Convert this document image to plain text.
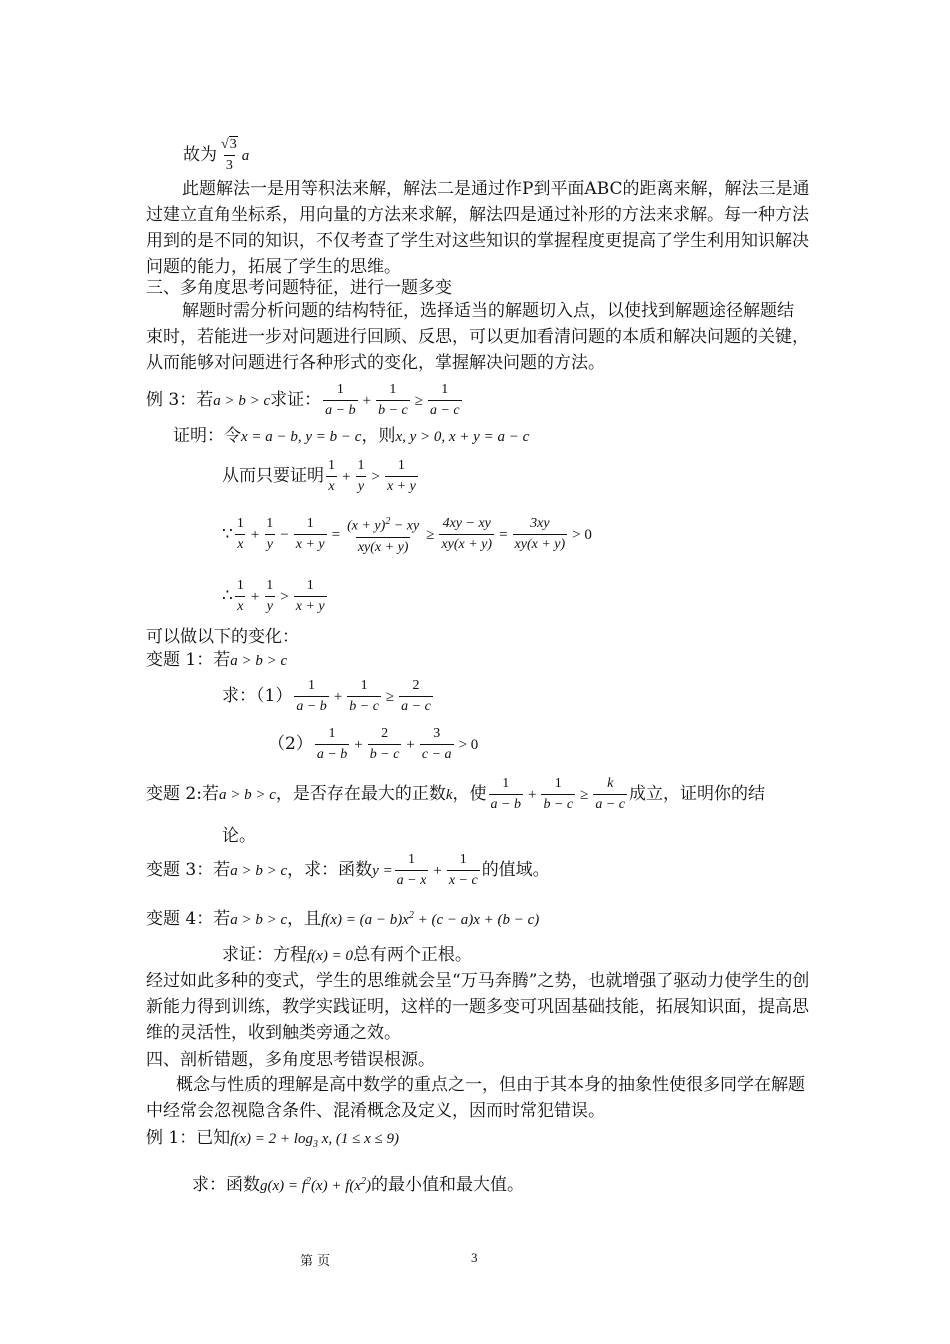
故为 $\frac{√3}{3}$ a
此题解法一是用等积法来解，解法二是通过作P到平面ABC的距离来解，解法三是通过建立直角坐标系，用向量的方法来求解，解法四是通过补形的方法来求解。每一种方法用到的是不同的知识，不仅考查了学生对这些知识的掌握程度更提高了学生利用知识解决问题的能力，拓展了学生的思维。
三、多角度思考问题特征，进行一题多变
解题时需分析问题的结构特征，选择适当的解题切入点，以使找到解题途径解题结束时，若能进一步对问题进行回顾、反思，可以更加看清问题的本质和解决问题的关键，从而能够对问题进行各种形式的变化，掌握解决问题的方法。
例 3：若a > b > c求证： $\frac{1}{a - b} + \frac{1}{b - c} \ge \frac{1}{a - c}$
证明：令x = a − b, y = b − c，则x, y > 0, x + y = a − c
从而只要证明 $\frac{1}{x} + \frac{1}{y} > \frac{1}{x + y}$
∵ $\frac{1}{x} + \frac{1}{y} - \frac{1}{x + y} = \frac{(x + y)^2 - xy}{xy(x + y)} \ge \frac{4xy - xy}{xy(x + y)} = \frac{3xy}{xy(x + y)} > 0$
∴ $\frac{1}{x} + \frac{1}{y} > \frac{1}{x + y}$
可以做以下的变化：
变题 1：若a > b > c
求：$(1) \frac{1}{a - b} + \frac{1}{b - c} \ge \frac{2}{a - c}$
$(2) \frac{1}{a - b} + \frac{2}{b - c} + \frac{3}{c - a} > 0$
变题 2:若a > b > c，是否存在最大的正数k，使 $\frac{1}{a - b} + \frac{1}{b - c} \ge \frac{k}{a - c}$ 成立，证明你的结
论。
变题 3：若a > b > c，求：函数$y = \frac{1}{a - x} + \frac{1}{x - c}$ 的值域。
变题 4：若a > b > c，且$f(x) = (a - b)x^2 + (c - a)x + (b - c)$
求证：方程f(x) = 0总有两个正根。
经过如此多种的变式，学生的思维就会呈“万马奔腾”之势，也就增强了驱动力使学生的创新能力得到训练，教学实践证明，这样的一题多变可巩固基础技能，拓展知识面，提高思维的灵活性，收到触类旁通之效。
四、剖析错题，多角度思考错误根源。
概念与性质的理解是高中数学的重点之一，但由于其本身的抽象性使很多同学在解题中经常会忽视隐含条件、混淆概念及定义，因而时常犯错误。
例 1：已知$f(x) = 2 + \log_3 x$, (1 ≤ x ≤ 9)
求：函数$g(x) = f^2(x) + f(x^2)$的最小值和最大值。
第 页	3
